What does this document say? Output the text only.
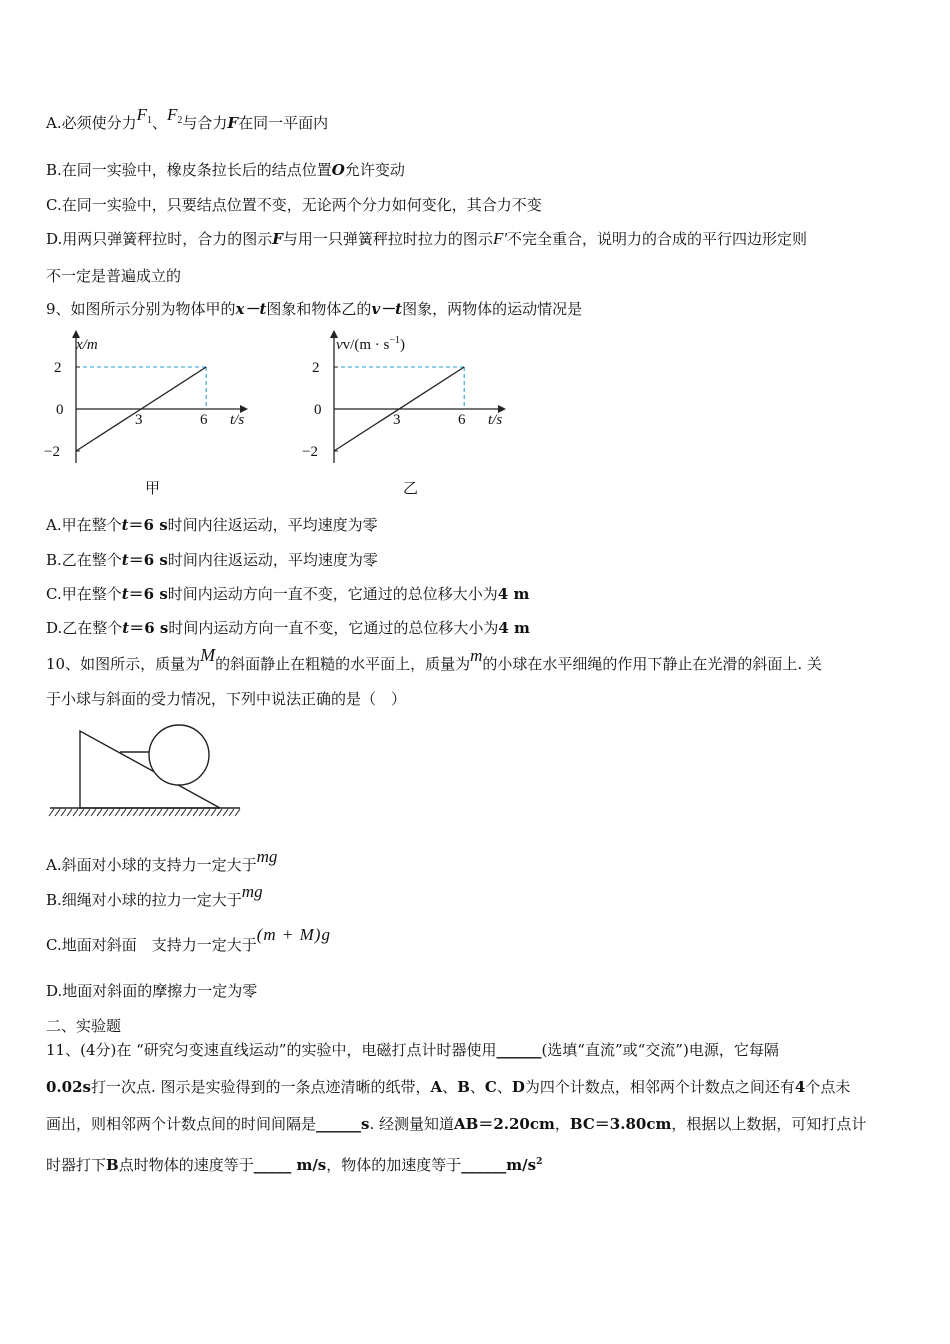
A.必须使分力$F_1$、$F_2$与合力F在同一平面内
B.在同一实验中，橡皮条拉长后的结点位置O允许变动
C.在同一实验中，只要结点位置不变，无论两个分力如何变化，其合力不变
D.用两只弹簧秤拉时，合力的图示F与用一只弹簧秤拉时拉力的图示F′不完全重合，说明力的合成的平行四边形定则
不一定是普遍成立的
9、如图所示分别为物体甲的x－t图象和物体乙的v－t图象，两物体的运动情况是
x/m
t/s
2
0
−2
3	6
甲
$vv/(m \cdot s^{-1})$
t/s
2
0
−2
3	6
乙
A.甲在整个t＝6 s时间内往返运动，平均速度为零
B.乙在整个t＝6 s时间内往返运动，平均速度为零
C.甲在整个t＝6 s时间内运动方向一直不变，它通过的总位移大小为4 m
D.乙在整个t＝6 s时间内运动方向一直不变，它通过的总位移大小为4 m
10、如图所示，质量为M的斜面静止在粗糙的水平面上，质量为m的小球在水平细绳的作用下静止在光滑的斜面上. 关
于小球与斜面的受力情况，下列中说法正确的是（　）
A.斜面对小球的支持力一定大于mg
B.细绳对小球的拉力一定大于mg
C.地面对斜面　支持力一定大于(m + M)g
D.地面对斜面的摩擦力一定为零
二、实验题
11、(4分)在 “研究匀变速直线运动”的实验中，电磁打点计时器使用______(选填“直流”或“交流”)电源，它每隔
0.02s打一次点. 图示是实验得到的一条点迹清晰的纸带，A、B、C、D为四个计数点，相邻两个计数点之间还有4个点未
画出，则相邻两个计数点间的时间间隔是______s. 经测量知道AB＝2.20cm，BC＝3.80cm，根据以上数据，可知打点计
时器打下B点时物体的速度等于_____ m/s，物体的加速度等于$\_\_\_\_\_\_m/s^2$
